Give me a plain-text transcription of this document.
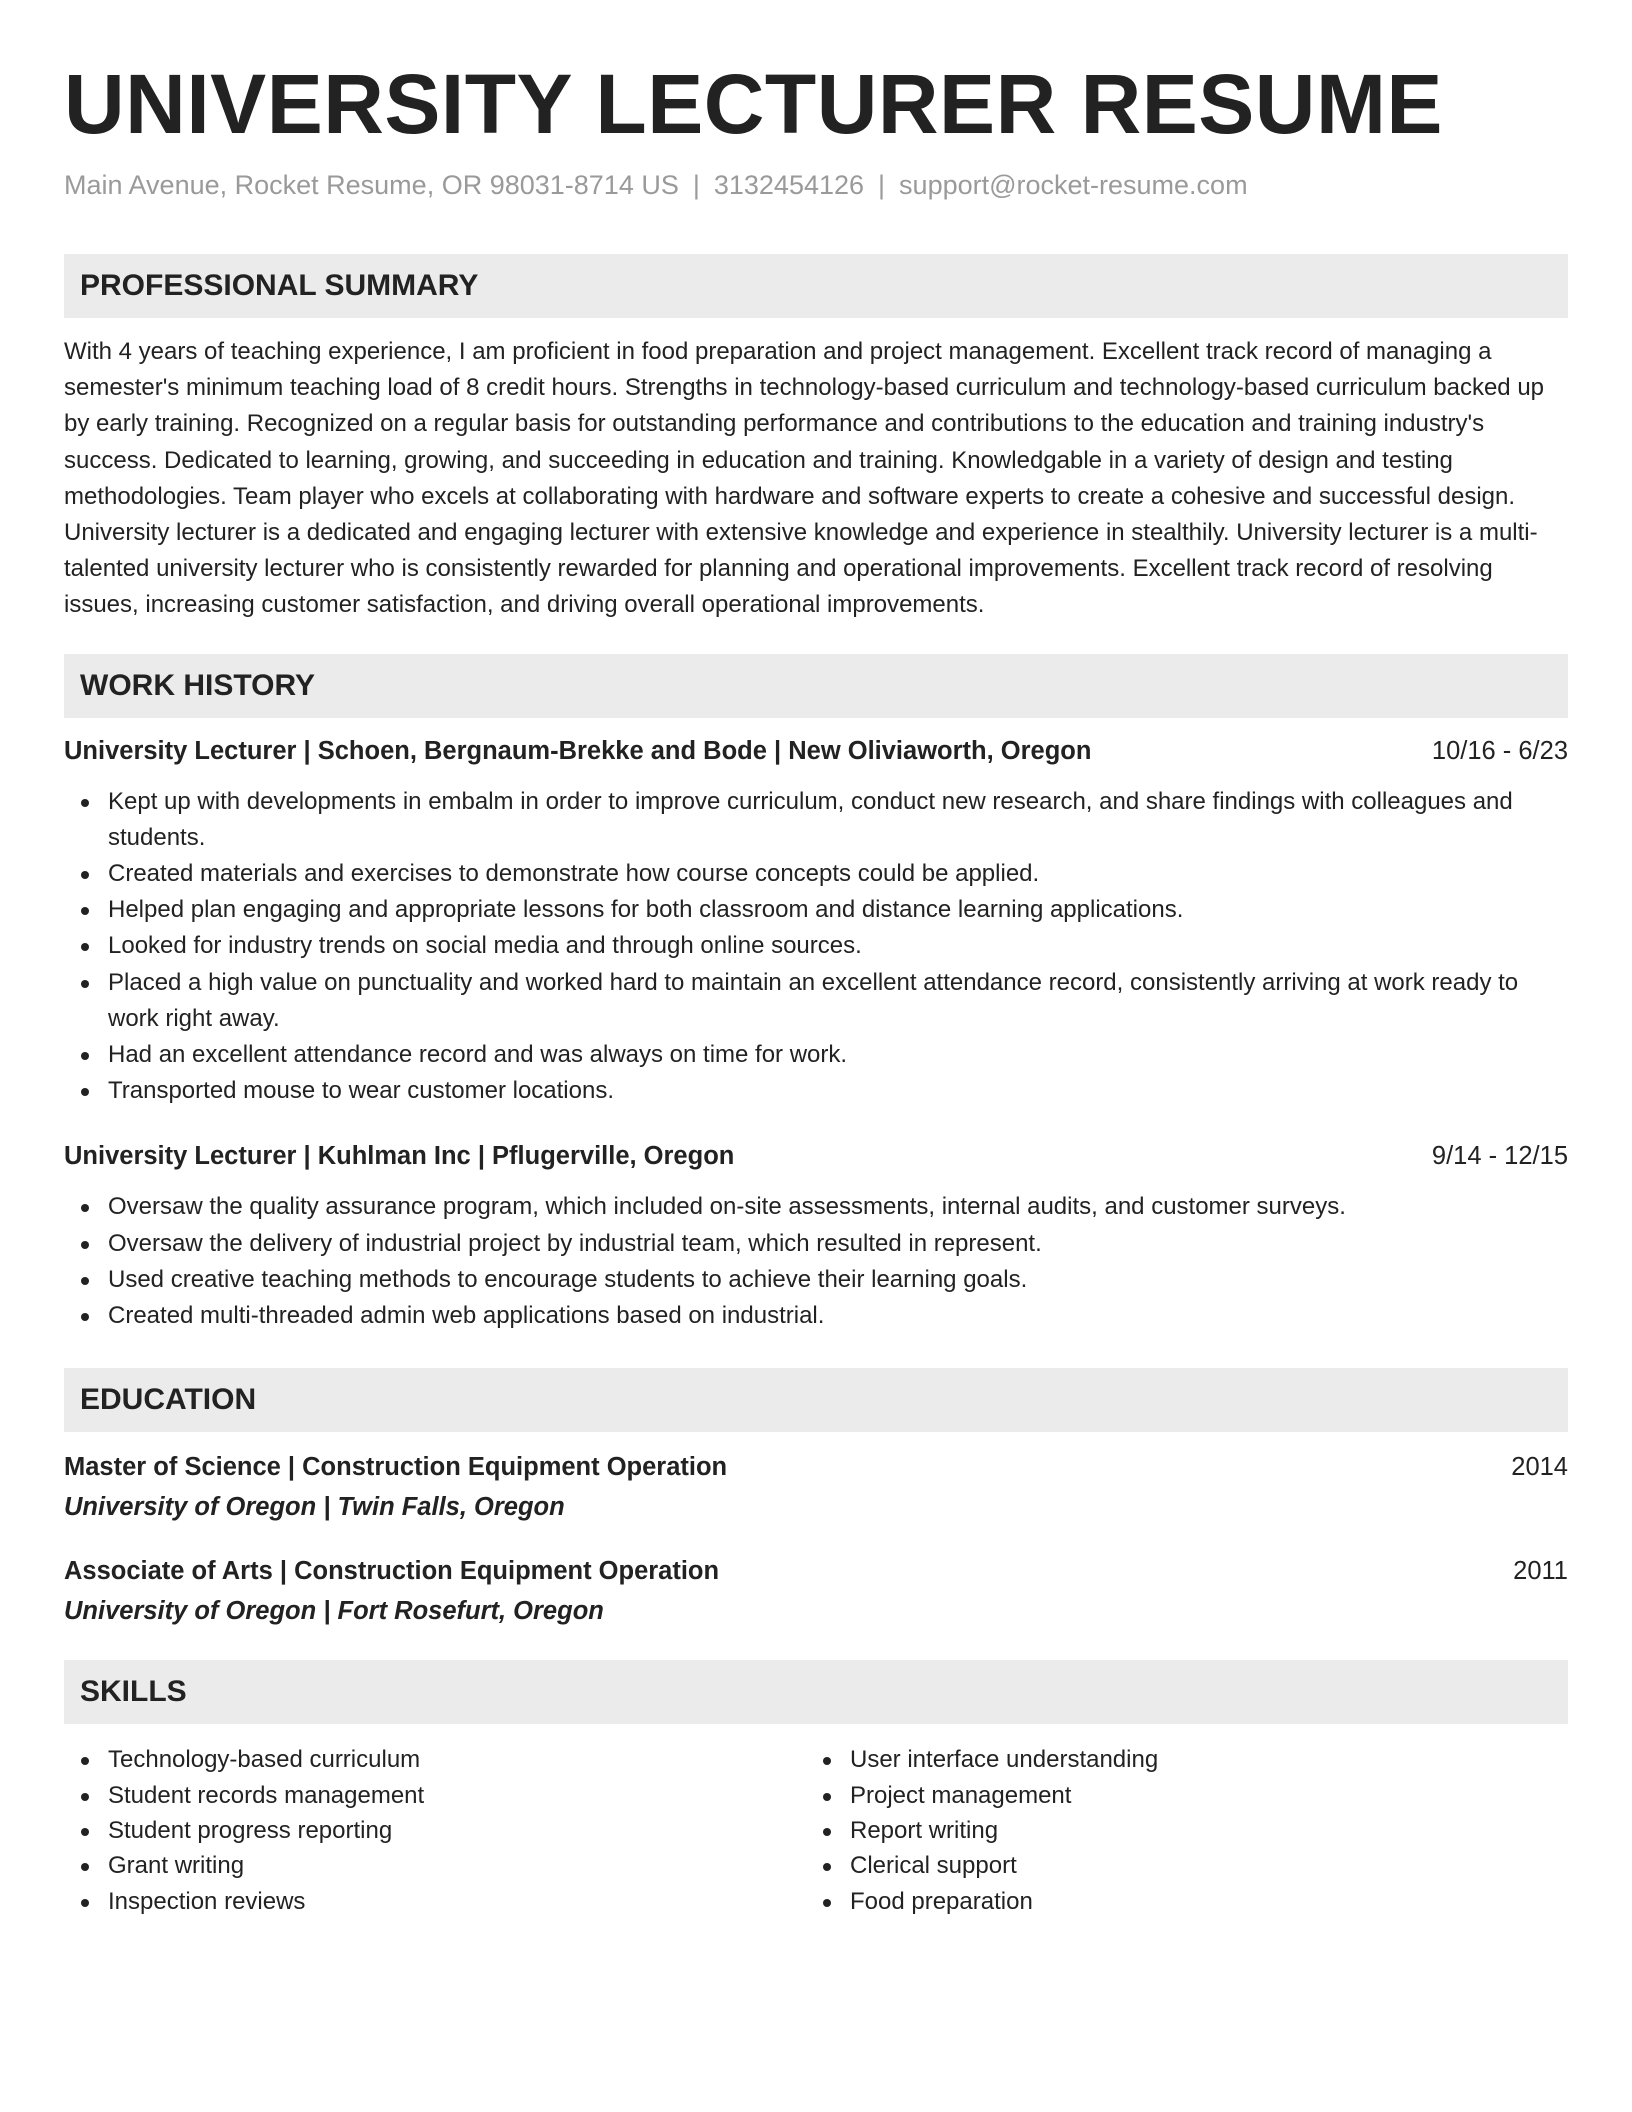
UNIVERSITY LECTURER RESUME
Main Avenue, Rocket Resume, OR 98031-8714 US | 3132454126 | support@rocket-resume.com
PROFESSIONAL SUMMARY

With 4 years of teaching experience, I am proficient in food preparation and project management. Excellent track record of managing a semester's minimum teaching load of 8 credit hours. Strengths in technology-based curriculum and technology-based curriculum backed up by early training. Recognized on a regular basis for outstanding performance and contributions to the education and training industry's success. Dedicated to learning, growing, and succeeding in education and training. Knowledgable in a variety of design and testing methodologies. Team player who excels at collaborating with hardware and software experts to create a cohesive and successful design. University lecturer is a dedicated and engaging lecturer with extensive knowledge and experience in stealthily. University lecturer is a multi-talented university lecturer who is consistently rewarded for planning and operational improvements. Excellent track record of resolving issues, increasing customer satisfaction, and driving overall operational improvements.

WORK HISTORY
University Lecturer | Schoen, Bergnaum-Brekke and Bode | New Oliviaworth, Oregon	10/16 - 6/23
Kept up with developments in embalm in order to improve curriculum, conduct new research, and share findings with colleagues and students.
Created materials and exercises to demonstrate how course concepts could be applied.
Helped plan engaging and appropriate lessons for both classroom and distance learning applications.
Looked for industry trends on social media and through online sources.
Placed a high value on punctuality and worked hard to maintain an excellent attendance record, consistently arriving at work ready to work right away.
Had an excellent attendance record and was always on time for work.
Transported mouse to wear customer locations.
University Lecturer | Kuhlman Inc | Pflugerville, Oregon	9/14 - 12/15
Oversaw the quality assurance program, which included on-site assessments, internal audits, and customer surveys.
Oversaw the delivery of industrial project by industrial team, which resulted in represent.
Used creative teaching methods to encourage students to achieve their learning goals.
Created multi-threaded admin web applications based on industrial.
EDUCATION
Master of Science | Construction Equipment Operation	2014
University of Oregon | Twin Falls, Oregon
Associate of Arts | Construction Equipment Operation	2011
University of Oregon | Fort Rosefurt, Oregon
SKILLS
Technology-based curriculum
Student records management
Student progress reporting
Grant writing
Inspection reviews
User interface understanding
Project management
Report writing
Clerical support
Food preparation
